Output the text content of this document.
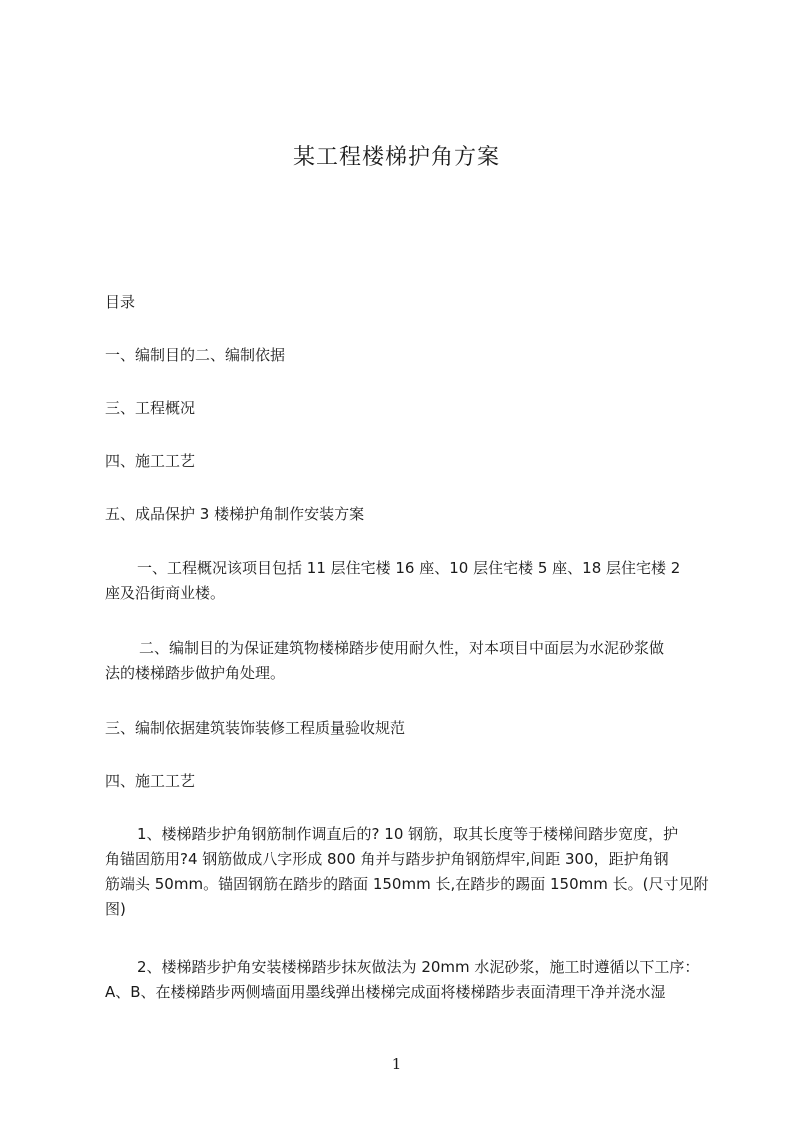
某工程楼梯护角方案
目录
一、编制目的二、编制依据
三、工程概况
四、施工工艺
五、成品保护 3 楼梯护角制作安装方案
一、工程概况该项目包括 11 层住宅楼 16 座、10 层住宅楼 5 座、18 层住宅楼 2
座及沿街商业楼。
二、编制目的为保证建筑物楼梯踏步使用耐久性，对本项目中面层为水泥砂浆做
法的楼梯踏步做护角处理。
三、编制依据建筑装饰装修工程质量验收规范
四、施工工艺
1、楼梯踏步护角钢筋制作调直后的? 10 钢筋，取其长度等于楼梯间踏步宽度，护
角锚固筋用?4 钢筋做成八字形成 800 角并与踏步护角钢筋焊牢,间距 300，距护角钢
筋端头 50mm。锚固钢筋在踏步的踏面 150mm 长,在踏步的踢面 150mm 长。(尺寸见附
图)
2、楼梯踏步护角安装楼梯踏步抹灰做法为 20mm 水泥砂浆，施工时遵循以下工序：
A、B、在楼梯踏步两侧墙面用墨线弹出楼梯完成面将楼梯踏步表面清理干净并浇水湿
1
